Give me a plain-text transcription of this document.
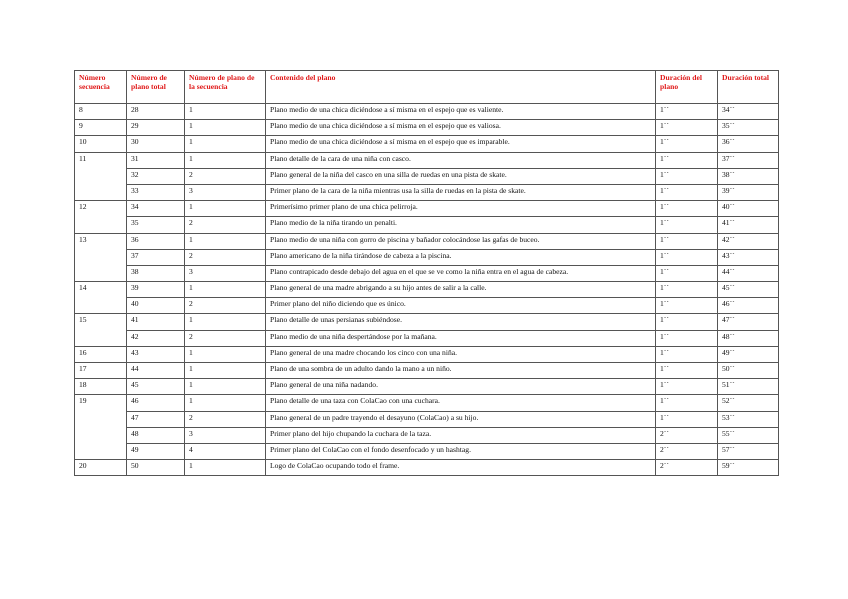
Número secuencia	Número de plano total	Número de plano de la secuencia	Contenido del plano	Duración del plano	Duración total
8	28	1	Plano medio de una chica diciéndose a sí misma en el espejo que es valiente.	1´´	34´´
9	29	1	Plano medio de una chica diciéndose a sí misma en el espejo que es valiosa.	1´´	35´´
10	30	1	Plano medio de una chica diciéndose a sí misma en el espejo que es imparable.	1´´	36´´
11	31	1	Plano detalle de la cara de una niña con casco.	1´´	37´´
	32	2	Plano general de la niña del casco en una silla de ruedas en una pista de skate.	1´´	38´´
	33	3	Primer plano de la cara de la niña mientras usa la silla de ruedas en la pista de skate.	1´´	39´´
12	34	1	Primerísimo primer plano de una chica pelirroja.	1´´	40´´
	35	2	Plano medio de la niña tirando un penalti.	1´´	41´´
13	36	1	Plano medio de una niña con gorro de piscina y bañador colocándose las gafas de buceo.	1´´	42´´
	37	2	Plano americano de la niña tirándose de cabeza a la piscina.	1´´	43´´
	38	3	Plano contrapicado desde debajo del agua en el que se ve como la niña entra en el agua de cabeza.	1´´	44´´
14	39	1	Plano general de una madre abrigando a su hijo antes de salir a la calle.	1´´	45´´
	40	2	Primer plano del niño diciendo que es único.	1´´	46´´
15	41	1	Plano detalle de unas persianas subiéndose.	1´´	47´´
	42	2	Plano medio de una niña despertándose por la mañana.	1´´	48´´
16	43	1	Plano general de una madre chocando los cinco con una niña.	1´´	49´´
17	44	1	Plano de una sombra de un adulto dando la mano a un niño.	1´´	50´´
18	45	1	Plano general de una niña nadando.	1´´	51´´
19	46	1	Plano detalle de una taza con ColaCao con una cuchara.	1´´	52´´
	47	2	Plano general de un padre trayendo el desayuno (ColaCao) a su hijo.	1´´	53´´
	48	3	Primer plano del hijo chupando la cuchara de la taza.	2´´	55´´
	49	4	Primer plano del ColaCao con el fondo desenfocado y un hashtag.	2´´	57´´
20	50	1	Logo de ColaCao ocupando todo el frame.	2´´	59´´
